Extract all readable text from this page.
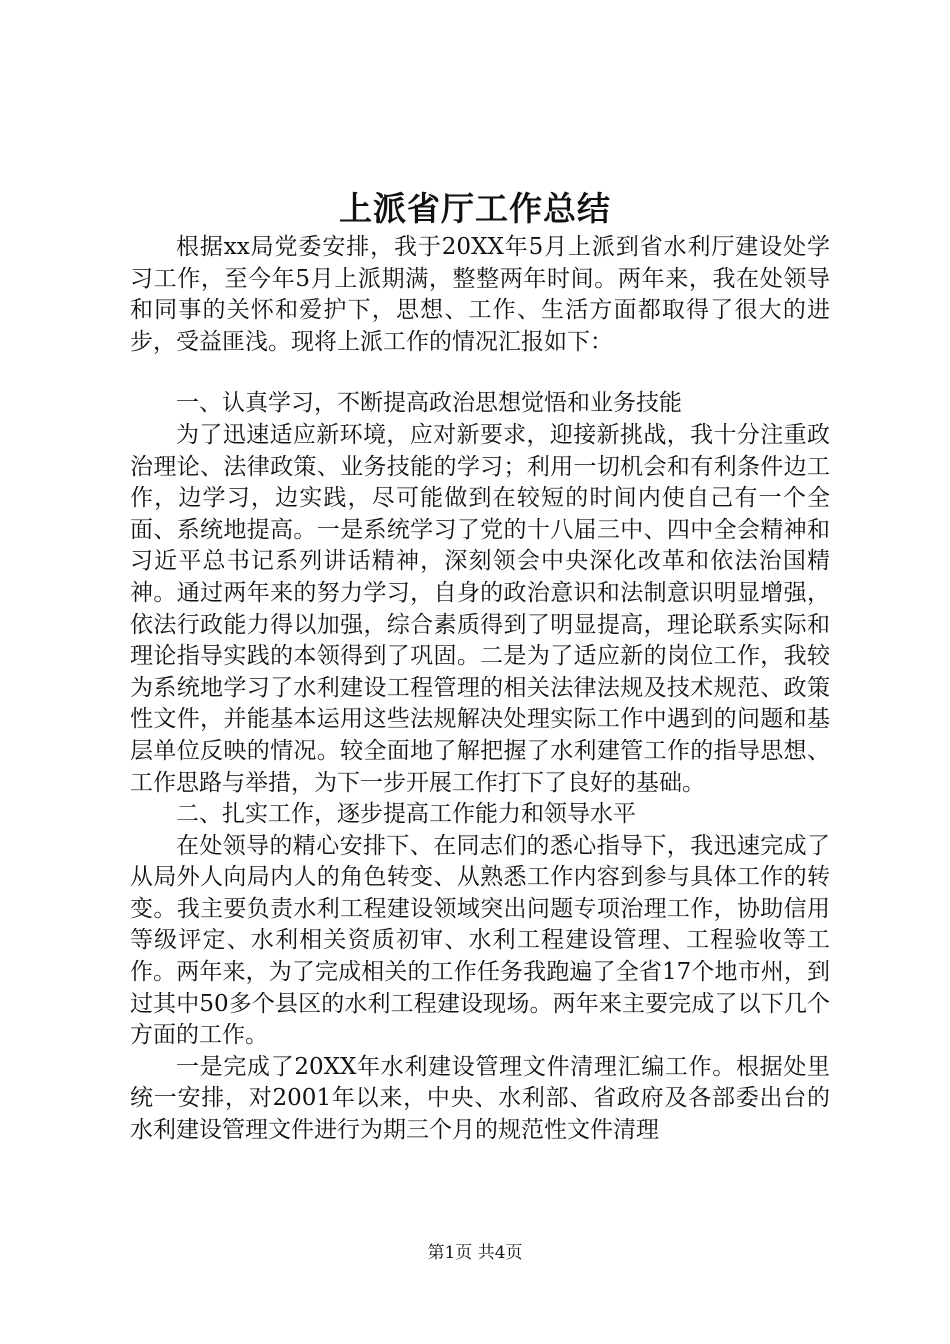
上派省厅工作总结

根据xx局党委安排，我于20XX年5月上派到省水利厅建设处学习工作，至今年5月上派期满，整整两年时间。两年来，我在处领导和同事的关怀和爱护下，思想、工作、生活方面都取得了很大的进步，受益匪浅。现将上派工作的情况汇报如下：

一、认真学习，不断提高政治思想觉悟和业务技能

为了迅速适应新环境，应对新要求，迎接新挑战，我十分注重政治理论、法律政策、业务技能的学习；利用一切机会和有利条件边工作，边学习，边实践，尽可能做到在较短的时间内使自己有一个全面、系统地提高。一是系统学习了党的十八届三中、四中全会精神和习近平总书记系列讲话精神，深刻领会中央深化改革和依法治国精神。通过两年来的努力学习，自身的政治意识和法制意识明显增强，依法行政能力得以加强，综合素质得到了明显提高，理论联系实际和理论指导实践的本领得到了巩固。二是为了适应新的岗位工作，我较为系统地学习了水利建设工程管理的相关法律法规及技术规范、政策性文件，并能基本运用这些法规解决处理实际工作中遇到的问题和基层单位反映的情况。较全面地了解把握了水利建管工作的指导思想、工作思路与举措，为下一步开展工作打下了良好的基础。

二、扎实工作，逐步提高工作能力和领导水平

在处领导的精心安排下、在同志们的悉心指导下，我迅速完成了从局外人向局内人的角色转变、从熟悉工作内容到参与具体工作的转变。我主要负责水利工程建设领域突出问题专项治理工作，协助信用等级评定、水利相关资质初审、水利工程建设管理、工程验收等工作。两年来，为了完成相关的工作任务我跑遍了全省17个地市州，到过其中50多个县区的水利工程建设现场。两年来主要完成了以下几个方面的工作。

一是完成了20XX年水利建设管理文件清理汇编工作。根据处里统一安排，对2001年以来，中央、水利部、省政府及各部委出台的水利建设管理文件进行为期三个月的规范性文件清理

第1页 共4页
